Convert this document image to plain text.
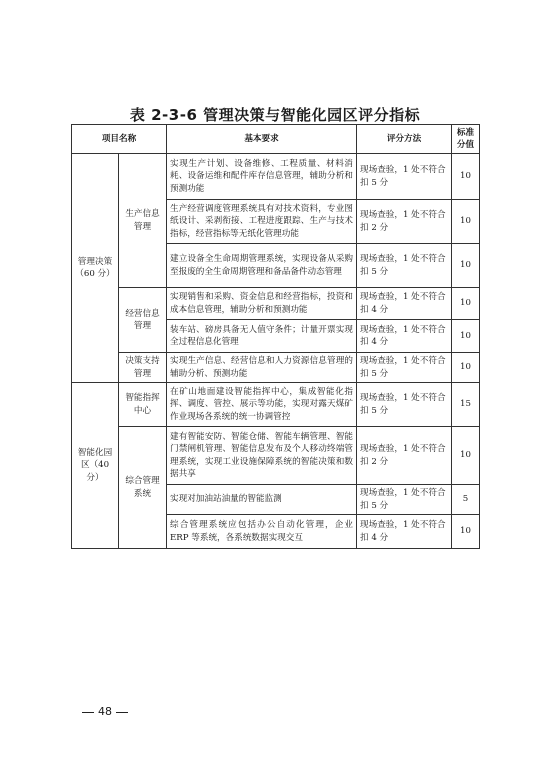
表 2-3-6 管理决策与智能化园区评分指标
项目名称		基本要求	评分方法	标准分值
管理决策（60 分）	生产信息管理	实现生产计划、设备维修、工程质量、材料消耗、设备运维和配件库存信息管理，辅助分析和预测功能	现场查验，1 处不符合扣 5 分	10
		生产经营调度管理系统具有对技术资料，专业图纸设计、采剥衔接、工程进度跟踪、生产与技术指标，经营指标等无纸化管理功能	现场查验，1 处不符合扣 2 分	10
		建立设备全生命周期管理系统，实现设备从采购至报废的全生命周期管理和备品备件动态管理	现场查验，1 处不符合扣 5 分	10
	经营信息管理	实现销售和采购、资金信息和经营指标，投资和成本信息管理，辅助分析和预测功能	现场查验，1 处不符合扣 4 分	10
		装车站、磅房具备无人值守条件；计量开票实现全过程信息化管理	现场查验，1 处不符合扣 4 分	10
	决策支持管理	实现生产信息、经营信息和人力资源信息管理的辅助分析、预测功能	现场查验，1 处不符合扣 5 分	10
智能化园区（40 分）	智能指挥中心	在矿山地面建设智能指挥中心，集成智能化指挥、调度、管控、展示等功能，实现对露天煤矿作业现场各系统的统一协调管控	现场查验，1 处不符合扣 5 分	15
	综合管理系统	建有智能安防、智能仓储、智能车辆管理、智能门禁闸机管理、智能信息发布及个人移动终端管理系统，实现工业设施保障系统的智能决策和数据共享	现场查验，1 处不符合扣 2 分	10
		实现对加油站油量的智能监测	现场查验，1 处不符合扣 5 分	5
		综合管理系统应包括办公自动化管理，企业 ERP 等系统，各系统数据实现交互	现场查验，1 处不符合扣 4 分	10
48
